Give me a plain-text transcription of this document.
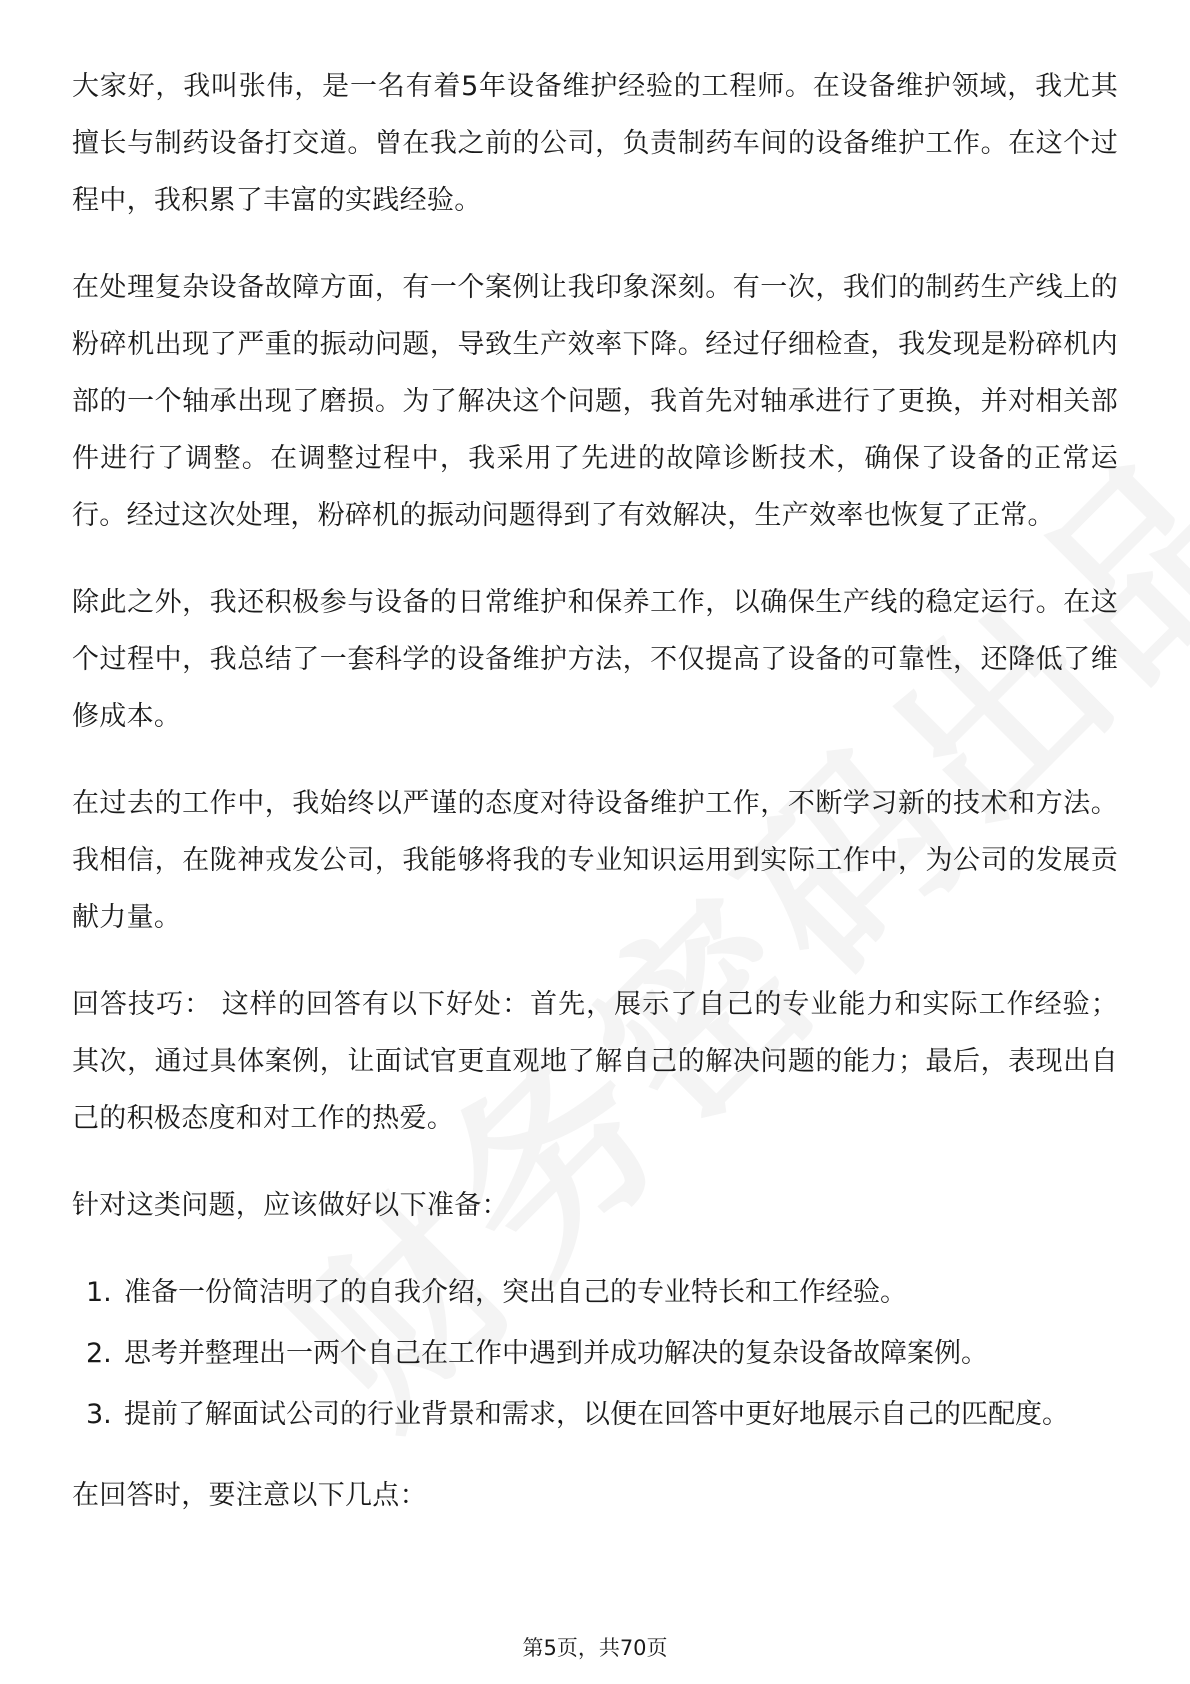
大家好，我叫张伟，是一名有着5年设备维护经验的工程师。在设备维护领域，我尤其擅长与制药设备打交道。曾在我之前的公司，负责制药车间的设备维护工作。在这个过程中，我积累了丰富的实践经验。

在处理复杂设备故障方面，有一个案例让我印象深刻。有一次，我们的制药生产线上的粉碎机出现了严重的振动问题，导致生产效率下降。经过仔细检查，我发现是粉碎机内部的一个轴承出现了磨损。为了解决这个问题，我首先对轴承进行了更换，并对相关部件进行了调整。在调整过程中，我采用了先进的故障诊断技术，确保了设备的正常运行。经过这次处理，粉碎机的振动问题得到了有效解决，生产效率也恢复了正常。

除此之外，我还积极参与设备的日常维护和保养工作，以确保生产线的稳定运行。在这个过程中，我总结了一套科学的设备维护方法，不仅提高了设备的可靠性，还降低了维修成本。

在过去的工作中，我始终以严谨的态度对待设备维护工作，不断学习新的技术和方法。我相信，在陇神戎发公司，我能够将我的专业知识运用到实际工作中，为公司的发展贡献力量。

回答技巧： 这样的回答有以下好处：首先，展示了自己的专业能力和实际工作经验；其次，通过具体案例，让面试官更直观地了解自己的解决问题的能力；最后，表现出自己的积极态度和对工作的热爱。

针对这类问题，应该做好以下准备：

1. 准备一份简洁明了的自我介绍，突出自己的专业特长和工作经验。
2. 思考并整理出一两个自己在工作中遇到并成功解决的复杂设备故障案例。
3. 提前了解面试公司的行业背景和需求，以便在回答中更好地展示自己的匹配度。

在回答时，要注意以下几点：

第5页，共70页
